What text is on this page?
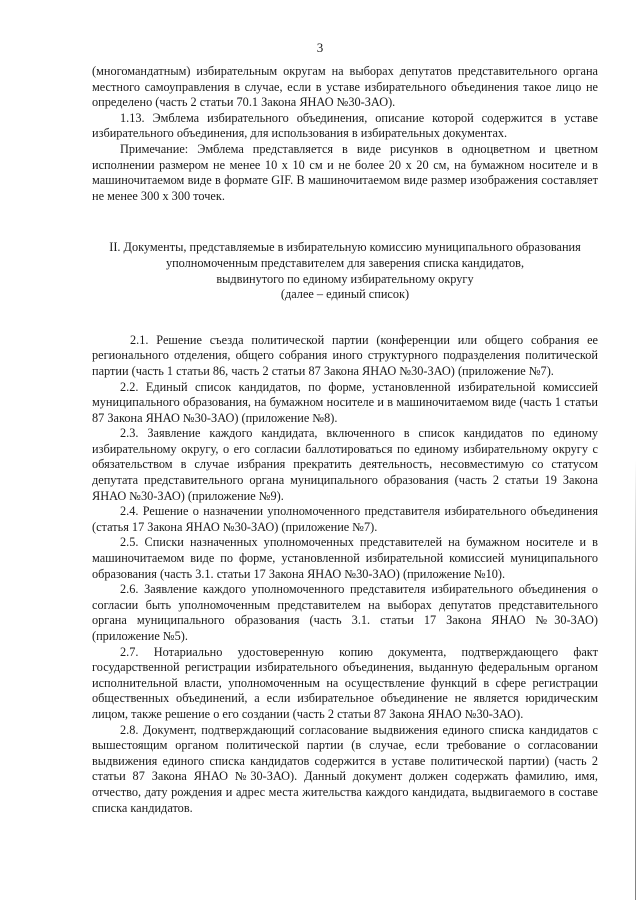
3

(многомандатным) избирательным округам на выборах депутатов представительного органа местного самоуправления в случае, если в уставе избирательного объединения такое лицо не определено (часть 2 статьи 70.1 Закона ЯНАО №30-ЗАО).

1.13. Эмблема избирательного объединения, описание которой содержится в уставе избирательного объединения, для использования в избирательных документах.

Примечание: Эмблема представляется в виде рисунков в одноцветном и цветном исполнении размером не менее 10 x 10 см и не более 20 x 20 см, на бумажном носителе и в машиночитаемом виде в формате GIF. В машиночитаемом виде размер изображения составляет не менее 300 x 300 точек.

II. Документы, представляемые в избирательную комиссию муниципального образования
уполномоченным представителем для заверения списка кандидатов,
выдвинутого по единому избирательному округу
(далее – единый список)

2.1. Решение съезда политической партии (конференции или общего собрания ее регионального отделения, общего собрания иного структурного подразделения политической партии (часть 1 статьи 86, часть 2 статьи 87 Закона ЯНАО №30-ЗАО) (приложение №7).

2.2. Единый список кандидатов, по форме, установленной избирательной комиссией муниципального образования, на бумажном носителе и в машиночитаемом виде (часть 1 статьи 87 Закона ЯНАО №30-ЗАО) (приложение №8).

2.3. Заявление каждого кандидата, включенного в список кандидатов по единому избирательному округу, о его согласии баллотироваться по единому избирательному округу с обязательством в случае избрания прекратить деятельность, несовместимую со статусом депутата представительного органа муниципального образования (часть 2 статьи 19 Закона ЯНАО №30-ЗАО) (приложение №9).

2.4. Решение о назначении уполномоченного представителя избирательного объединения (статья 17 Закона ЯНАО №30-ЗАО) (приложение №7).

2.5. Списки назначенных уполномоченных представителей на бумажном носителе и в машиночитаемом виде по форме, установленной избирательной комиссией муниципального образования (часть 3.1. статьи 17 Закона ЯНАО №30-ЗАО) (приложение №10).

2.6. Заявление каждого уполномоченного представителя избирательного объединения о согласии быть уполномоченным представителем на выборах депутатов представительного органа муниципального образования (часть 3.1. статьи 17 Закона ЯНАО №30-ЗАО) (приложение №5).

2.7. Нотариально удостоверенную копию документа, подтверждающего факт государственной регистрации избирательного объединения, выданную федеральным органом исполнительной власти, уполномоченным на осуществление функций в сфере регистрации общественных объединений, а если избирательное объединение не является юридическим лицом, также решение о его создании (часть 2 статьи 87 Закона ЯНАО №30-ЗАО).

2.8. Документ, подтверждающий согласование выдвижения единого списка кандидатов с вышестоящим органом политической партии (в случае, если требование о согласовании выдвижения единого списка кандидатов содержится в уставе политической партии) (часть 2 статьи 87 Закона ЯНАО №30-ЗАО). Данный документ должен содержать фамилию, имя, отчество, дату рождения и адрес места жительства каждого кандидата, выдвигаемого в составе списка кандидатов.
